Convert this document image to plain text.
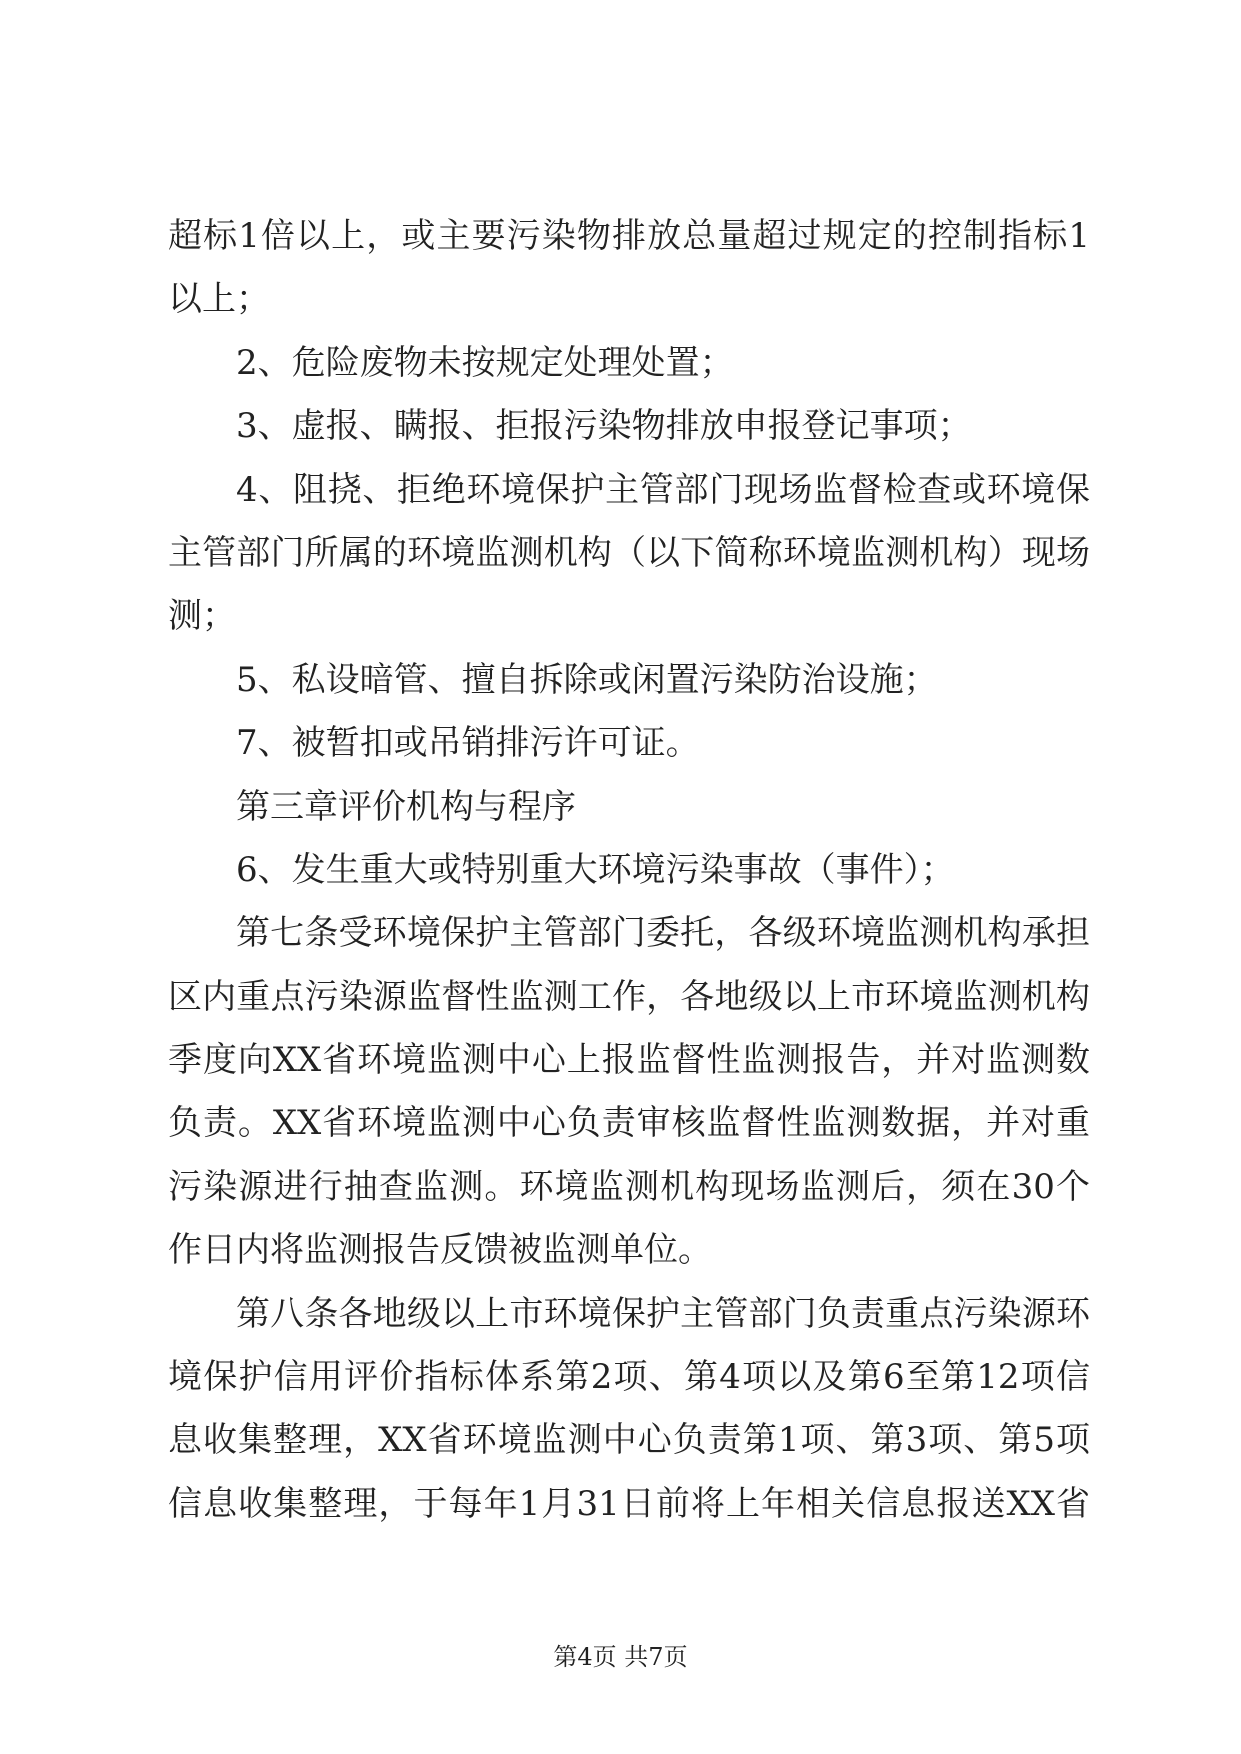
超标1倍以上，或主要污染物排放总量超过规定的控制指标1
以上；
2、危险废物未按规定处理处置；
3、虚报、瞒报、拒报污染物排放申报登记事项；
4、阻挠、拒绝环境保护主管部门现场监督检查或环境保
主管部门所属的环境监测机构（以下简称环境监测机构）现场
测；
5、私设暗管、擅自拆除或闲置污染防治设施；
7、被暂扣或吊销排污许可证。
第三章评价机构与程序
6、发生重大或特别重大环境污染事故（事件）；
第七条受环境保护主管部门委托，各级环境监测机构承担
区内重点污染源监督性监测工作，各地级以上市环境监测机构
季度向XX省环境监测中心上报监督性监测报告，并对监测数
负责。XX省环境监测中心负责审核监督性监测数据，并对重
污染源进行抽查监测。环境监测机构现场监测后，须在30个
作日内将监测报告反馈被监测单位。
第八条各地级以上市环境保护主管部门负责重点污染源环
境保护信用评价指标体系第2项、第4项以及第6至第12项信
息收集整理，XX省环境监测中心负责第1项、第3项、第5项
信息收集整理，于每年1月31日前将上年相关信息报送XX省
第4页 共7页
